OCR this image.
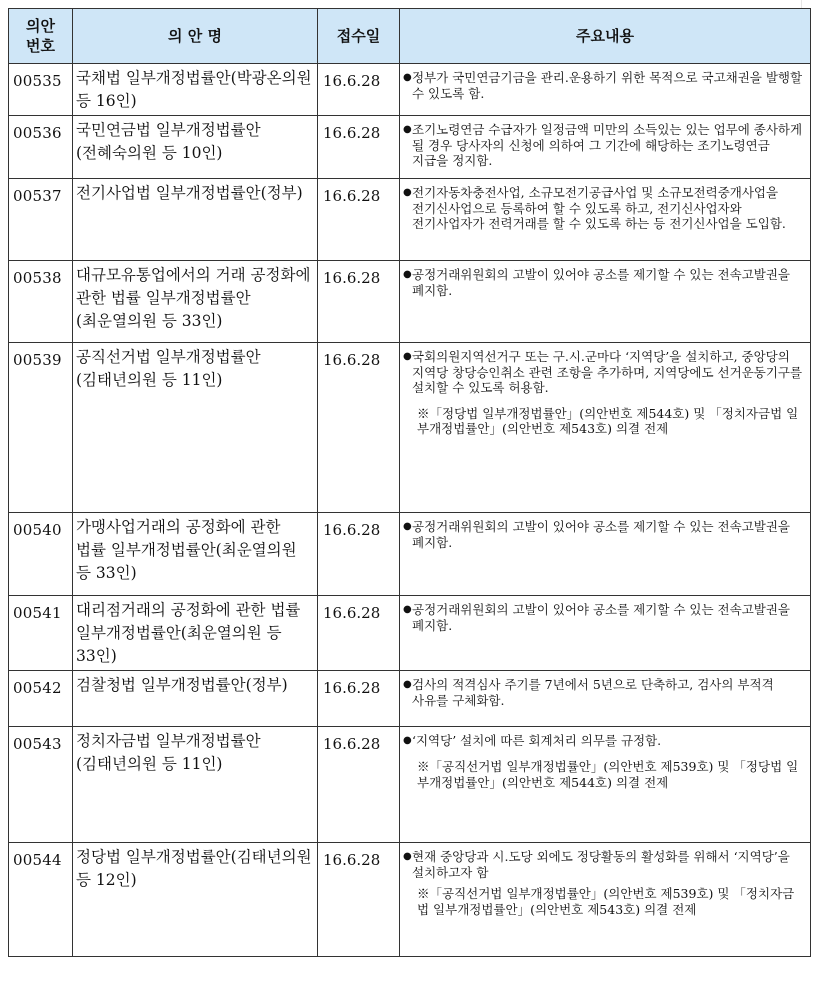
의안
번호	의 안 명	접수일	주요내용
00535	국채법 일부개정법률안(박광온의원 등 16인)	16.6.28	● 정부가 국민연금기금을 관리.운용하기 위한 목적으로 국고채권을 발행할 수 있도록 함.

00536	국민연금법 일부개정법률안(전혜숙의원 등 10인)	16.6.28	● 조기노령연금 수급자가 일정금액 미만의 소득있는 있는 업무에 종사하게 될 경우 당사자의 신청에 의하여 그 기간에 해당하는 조기노령연금 지급을 정지함.

00537	전기사업법 일부개정법률안(정부)	16.6.28	● 전기자동차충전사업, 소규모전기공급사업 및 소규모전력중개사업을 전기신사업으로 등록하여 할 수 있도록 하고, 전기신사업자와 전기사업자가 전력거래를 할 수 있도록 하는 등 전기신사업을 도입함.

00538	대규모유통업에서의 거래 공정화에 관한 법률 일부개정법률안(최운열의원 등 33인)	16.6.28	● 공정거래위원회의 고발이 있어야 공소를 제기할 수 있는 전속고발권을 폐지함.

00539	공직선거법 일부개정법률안(김태년의원 등 11인)	16.6.28	● 국회의원지역선거구 또는 구.시.군마다 ‘지역당’을 설치하고, 중앙당의 지역당 창당승인취소 관련 조항을 추가하며, 지역당에도 선거운동기구를 설치할 수 있도록 허용함.
※「정당법 일부개정법률안」(의안번호 제544호) 및 「정치자금법 일부개정법률안」(의안번호 제543호) 의결 전제

00540	가맹사업거래의 공정화에 관한 법률 일부개정법률안(최운열의원 등 33인)	16.6.28	● 공정거래위원회의 고발이 있어야 공소를 제기할 수 있는 전속고발권을 폐지함.

00541	대리점거래의 공정화에 관한 법률 일부개정법률안(최운열의원 등 33인)	16.6.28	● 공정거래위원회의 고발이 있어야 공소를 제기할 수 있는 전속고발권을 폐지함.

00542	검찰청법 일부개정법률안(정부)	16.6.28	● 검사의 적격심사 주기를 7년에서 5년으로 단축하고, 검사의 부적격 사유를 구체화함.

00543	정치자금법 일부개정법률안(김태년의원 등 11인)	16.6.28	● ‘지역당’ 설치에 따른 회계처리 의무를 규정함.
※「공직선거법 일부개정법률안」(의안번호 제539호) 및 「정당법 일부개정법률안」(의안번호 제544호) 의결 전제

00544	정당법 일부개정법률안(김태년의원 등 12인)	16.6.28	● 현재 중앙당과 시.도당 외에도 정당활동의 활성화를 위해서 ‘지역당’을 설치하고자 함
※「공직선거법 일부개정법률안」(의안번호 제539호) 및 「정치자금법 일부개정법률안」(의안번호 제543호) 의결 전제
